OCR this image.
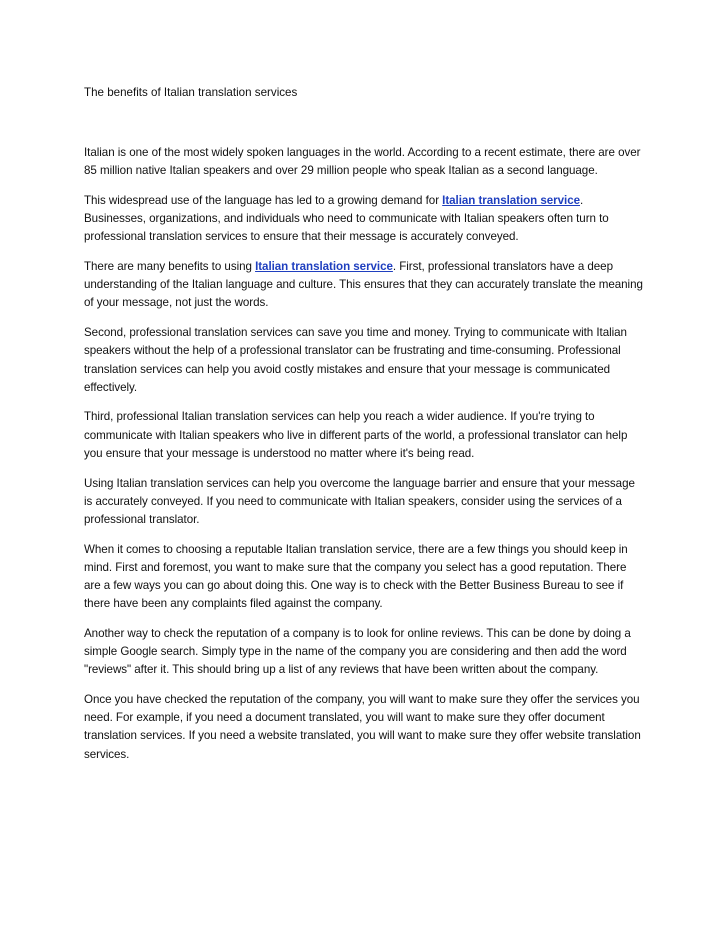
The benefits of Italian translation services

Italian is one of the most widely spoken languages in the world. According to a recent estimate, there are over 85 million native Italian speakers and over 29 million people who speak Italian as a second language.

This widespread use of the language has led to a growing demand for Italian translation service. Businesses, organizations, and individuals who need to communicate with Italian speakers often turn to professional translation services to ensure that their message is accurately conveyed.

There are many benefits to using Italian translation service. First, professional translators have a deep understanding of the Italian language and culture. This ensures that they can accurately translate the meaning of your message, not just the words.

Second, professional translation services can save you time and money. Trying to communicate with Italian speakers without the help of a professional translator can be frustrating and time-consuming. Professional translation services can help you avoid costly mistakes and ensure that your message is communicated effectively.

Third, professional Italian translation services can help you reach a wider audience. If you're trying to communicate with Italian speakers who live in different parts of the world, a professional translator can help you ensure that your message is understood no matter where it's being read.

Using Italian translation services can help you overcome the language barrier and ensure that your message is accurately conveyed. If you need to communicate with Italian speakers, consider using the services of a professional translator.

When it comes to choosing a reputable Italian translation service, there are a few things you should keep in mind. First and foremost, you want to make sure that the company you select has a good reputation. There are a few ways you can go about doing this. One way is to check with the Better Business Bureau to see if there have been any complaints filed against the company.

Another way to check the reputation of a company is to look for online reviews. This can be done by doing a simple Google search. Simply type in the name of the company you are considering and then add the word "reviews" after it. This should bring up a list of any reviews that have been written about the company.

Once you have checked the reputation of the company, you will want to make sure they offer the services you need. For example, if you need a document translated, you will want to make sure they offer document translation services. If you need a website translated, you will want to make sure they offer website translation services.
